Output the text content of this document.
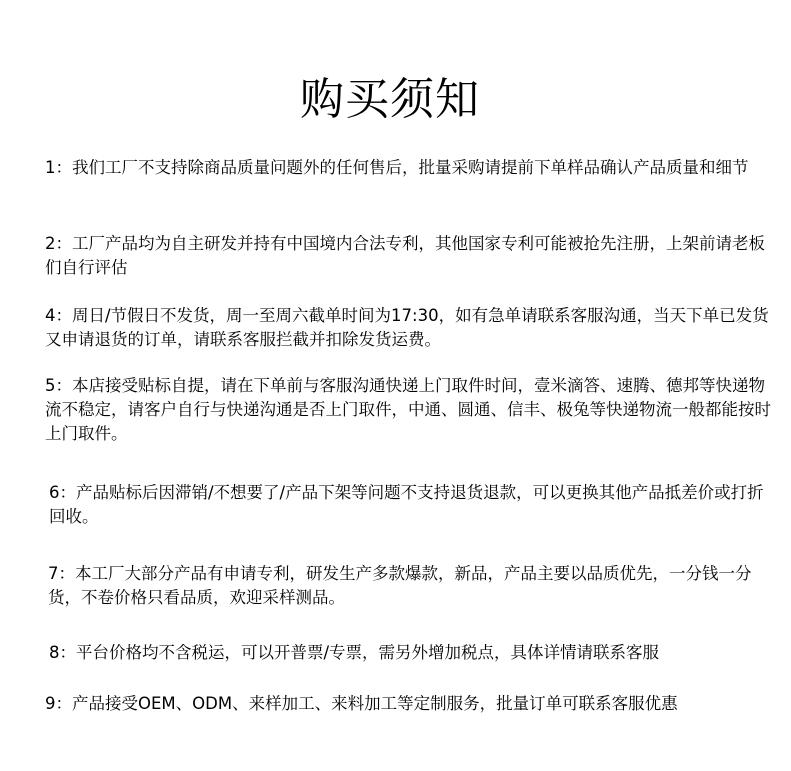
购买须知

1：我们工厂不支持除商品质量问题外的任何售后，批量采购请提前下单样品确认产品质量和细节

2：工厂产品均为自主研发并持有中国境内合法专利，其他国家专利可能被抢先注册，上架前请老板们自行评估

4：周日/节假日不发货，周一至周六截单时间为17:30，如有急单请联系客服沟通，当天下单已发货又申请退货的订单，请联系客服拦截并扣除发货运费。

5：本店接受贴标自提，请在下单前与客服沟通快递上门取件时间，壹米滴答、速腾、德邦等快递物流不稳定，请客户自行与快递沟通是否上门取件，中通、圆通、信丰、极兔等快递物流一般都能按时上门取件。

6：产品贴标后因滞销/不想要了/产品下架等问题不支持退货退款，可以更换其他产品抵差价或打折回收。

7：本工厂大部分产品有申请专利，研发生产多款爆款，新品，产品主要以品质优先，一分钱一分货，不卷价格只看品质，欢迎采样测品。

8：平台价格均不含税运，可以开普票/专票，需另外增加税点，具体详情请联系客服

9：产品接受OEM、ODM、来样加工、来料加工等定制服务，批量订单可联系客服优惠
